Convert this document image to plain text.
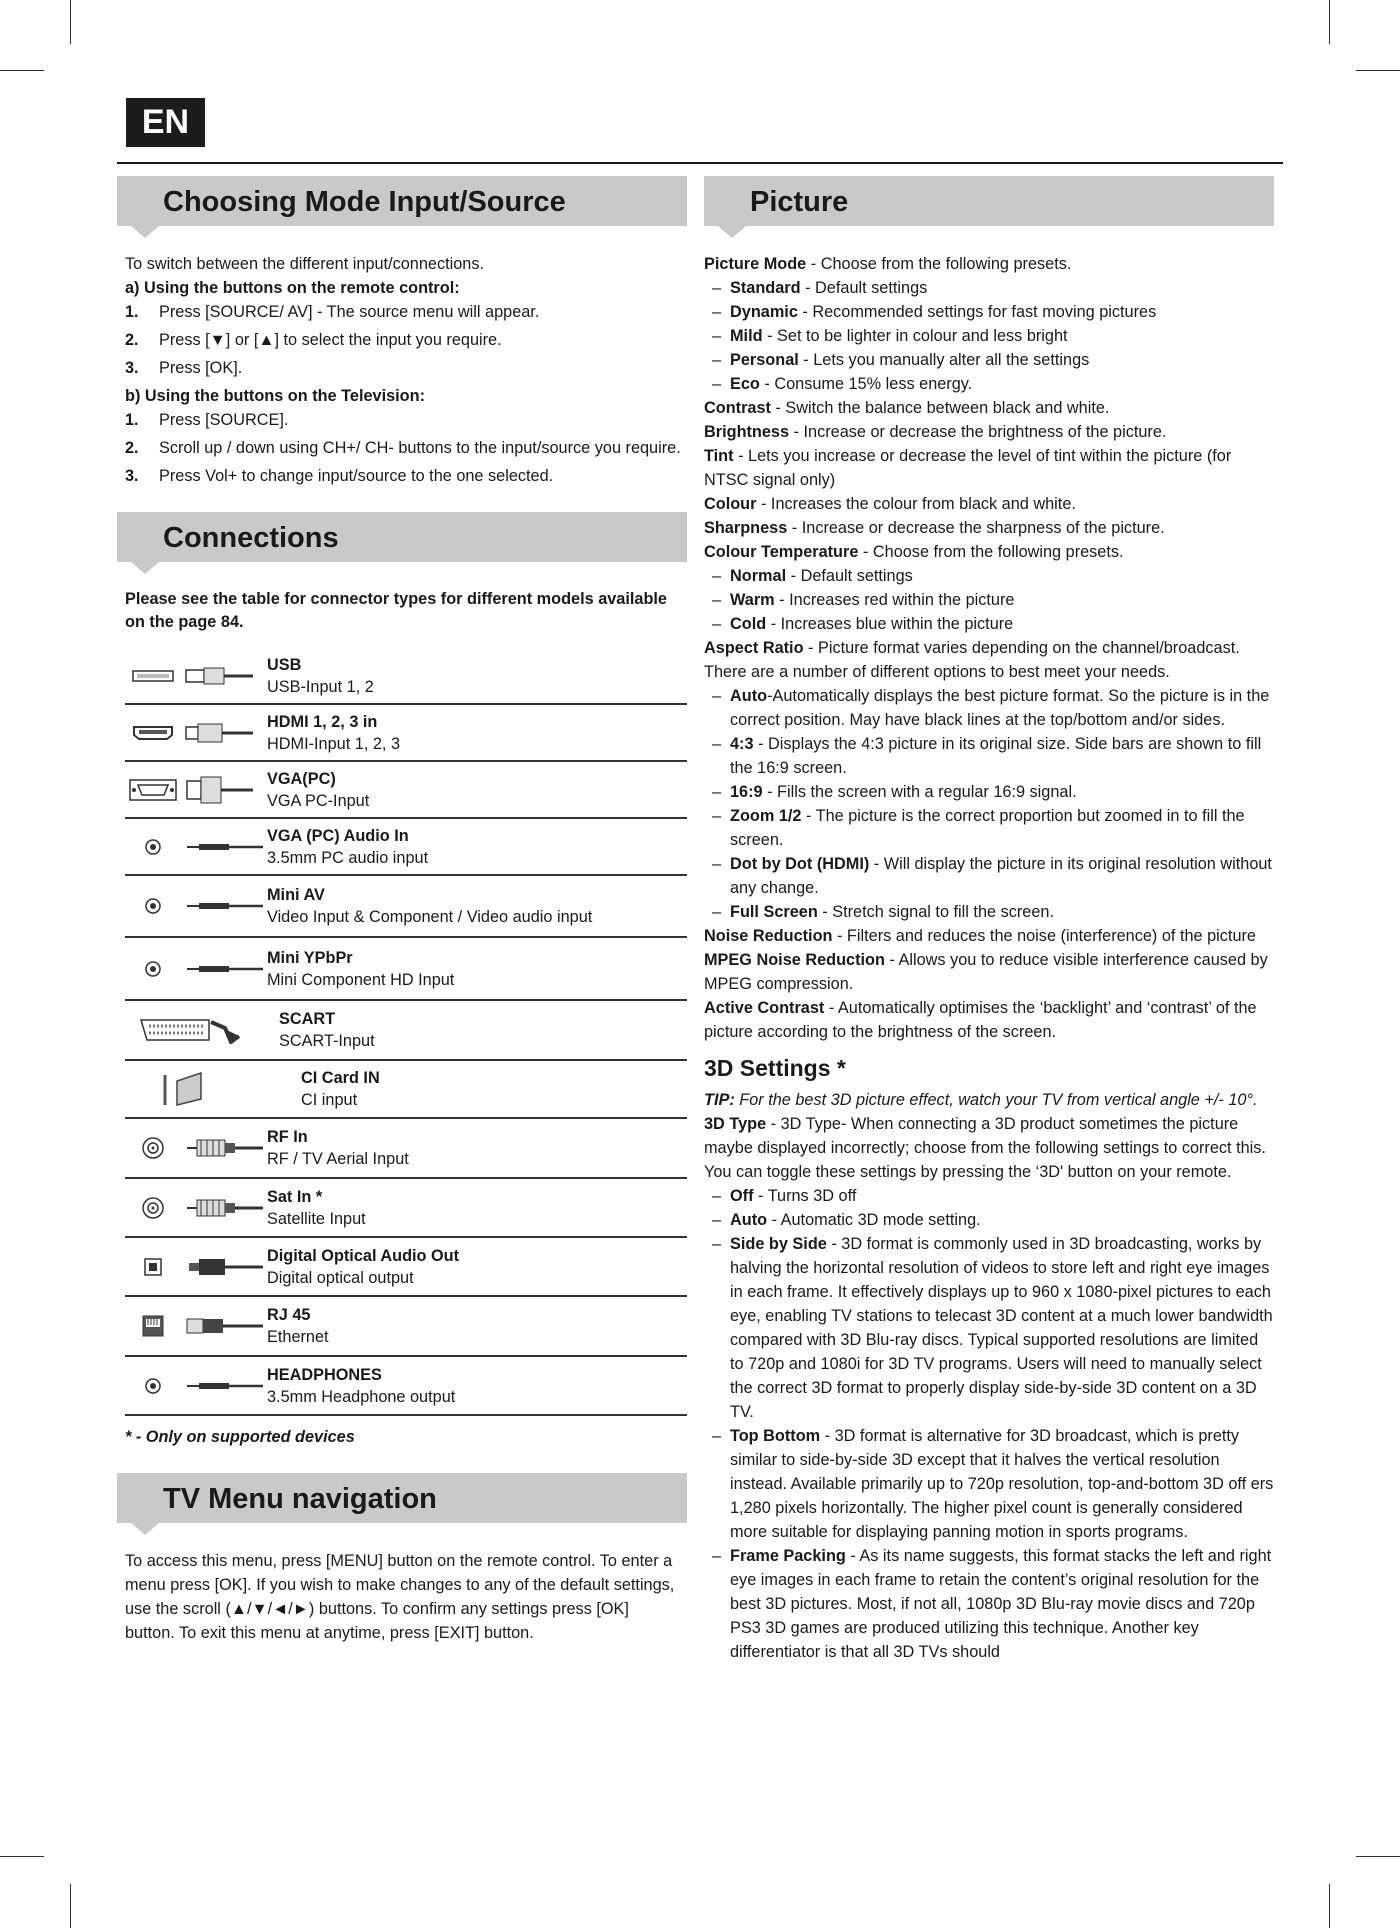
EN
Choosing Mode Input/Source

To switch between the different input/connections.

a) Using the buttons on the remote control:

1. Press [SOURCE/ AV] - The source menu will appear.
2. Press [▼] or [▲] to select the input you require.
3. Press [OK].

b) Using the buttons on the Television:

1. Press [SOURCE].
2. Scroll up / down using CH+/ CH- buttons to the input/source you require.
3. Press Vol+ to change input/source to the one selected.
Connections

Please see the table for connector types for different models available on the page 84.

USB
USB-Input 1, 2
HDMI 1, 2, 3 in
HDMI-Input 1, 2, 3
VGA(PC)
VGA PC-Input
VGA (PC) Audio In
3.5mm PC audio input
Mini AV
Video Input & Component / Video audio input
Mini YPbPr
Mini Component HD Input
SCART
SCART-Input
CI Card IN
CI input
RF In
RF / TV Aerial Input
Sat In *
Satellite Input
Digital Optical Audio Out
Digital optical output
RJ 45
Ethernet
HEADPHONES
3.5mm Headphone output

* - Only on supported devices

TV Menu navigation

To access this menu, press [MENU] button on the remote control. To enter a menu press [OK]. If you wish to make changes to any of the default settings, use the scroll (▲/▼/◄/►) buttons. To confirm any settings press [OK] button. To exit this menu at anytime, press [EXIT] button.

Picture

Picture Mode - Choose from the following presets.

– Standard - Default settings

– Dynamic - Recommended settings for fast moving pictures

– Mild - Set to be lighter in colour and less bright

– Personal - Lets you manually alter all the settings

– Eco - Consume 15% less energy.

Contrast - Switch the balance between black and white.

Brightness - Increase or decrease the brightness of the picture.

Tint - Lets you increase or decrease the level of tint within the picture (for NTSC signal only)

Colour - Increases the colour from black and white.

Sharpness - Increase or decrease the sharpness of the picture.

Colour Temperature - Choose from the following presets.

– Normal - Default settings

– Warm - Increases red within the picture

– Cold - Increases blue within the picture

Aspect Ratio - Picture format varies depending on the channel/broadcast. There are a number of different options to best meet your needs.

– Auto-Automatically displays the best picture format. So the picture is in the correct position. May have black lines at the top/bottom and/or sides.

– 4:3 - Displays the 4:3 picture in its original size. Side bars are shown to fill the 16:9 screen.

– 16:9 - Fills the screen with a regular 16:9 signal.

– Zoom 1/2 - The picture is the correct proportion but zoomed in to fill the screen.

– Dot by Dot (HDMI) - Will display the picture in its original resolution without any change.

– Full Screen - Stretch signal to fill the screen.

Noise Reduction - Filters and reduces the noise (interference) of the picture

MPEG Noise Reduction - Allows you to reduce visible interference caused by MPEG compression.

Active Contrast - Automatically optimises the ‘backlight’ and ‘contrast’ of the picture according to the brightness of the screen.

3D Settings *

TIP: For the best 3D picture effect, watch your TV from vertical angle +/- 10°.

3D Type - 3D Type- When connecting a 3D product sometimes the picture maybe displayed incorrectly; choose from the following settings to correct this. You can toggle these settings by pressing the ‘3D' button on your remote.

– Off - Turns 3D off

– Auto - Automatic 3D mode setting.

– Side by Side - 3D format is commonly used in 3D broadcasting, works by halving the horizontal resolution of videos to store left and right eye images in each frame. It effectively displays up to 960 x 1080-pixel pictures to each eye, enabling TV stations to telecast 3D content at a much lower bandwidth compared with 3D Blu-ray discs. Typical supported resolutions are limited to 720p and 1080i for 3D TV programs. Users will need to manually select the correct 3D format to properly display side-by-side 3D content on a 3D TV.

– Top Bottom - 3D format is alternative for 3D broadcast, which is pretty similar to side-by-side 3D except that it halves the vertical resolution instead. Available primarily up to 720p resolution, top-and-bottom 3D off ers 1,280 pixels horizontally. The higher pixel count is generally considered more suitable for displaying panning motion in sports programs.

– Frame Packing - As its name suggests, this format stacks the left and right eye images in each frame to retain the content’s original resolution for the best 3D pictures. Most, if not all, 1080p 3D Blu-ray movie discs and 720p PS3 3D games are produced utilizing this technique. Another key differentiator is that all 3D TVs should
